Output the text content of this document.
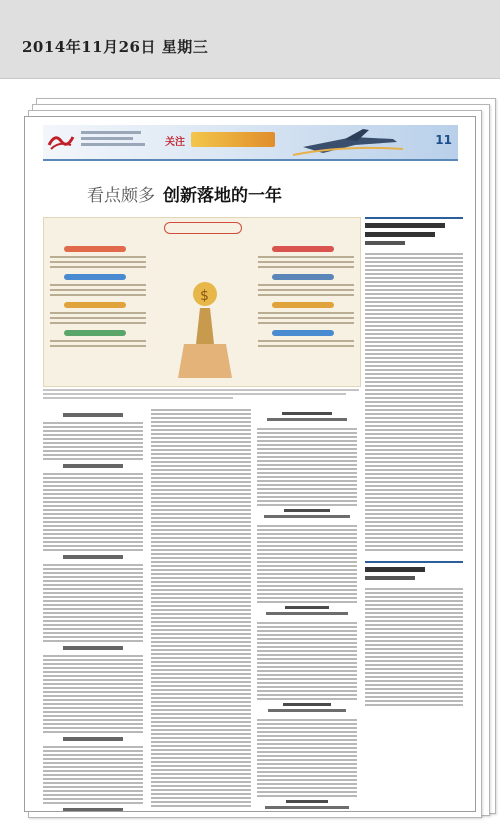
2014年11月26日 星期三
关注	11
看点颇多 创新落地的一年
$
